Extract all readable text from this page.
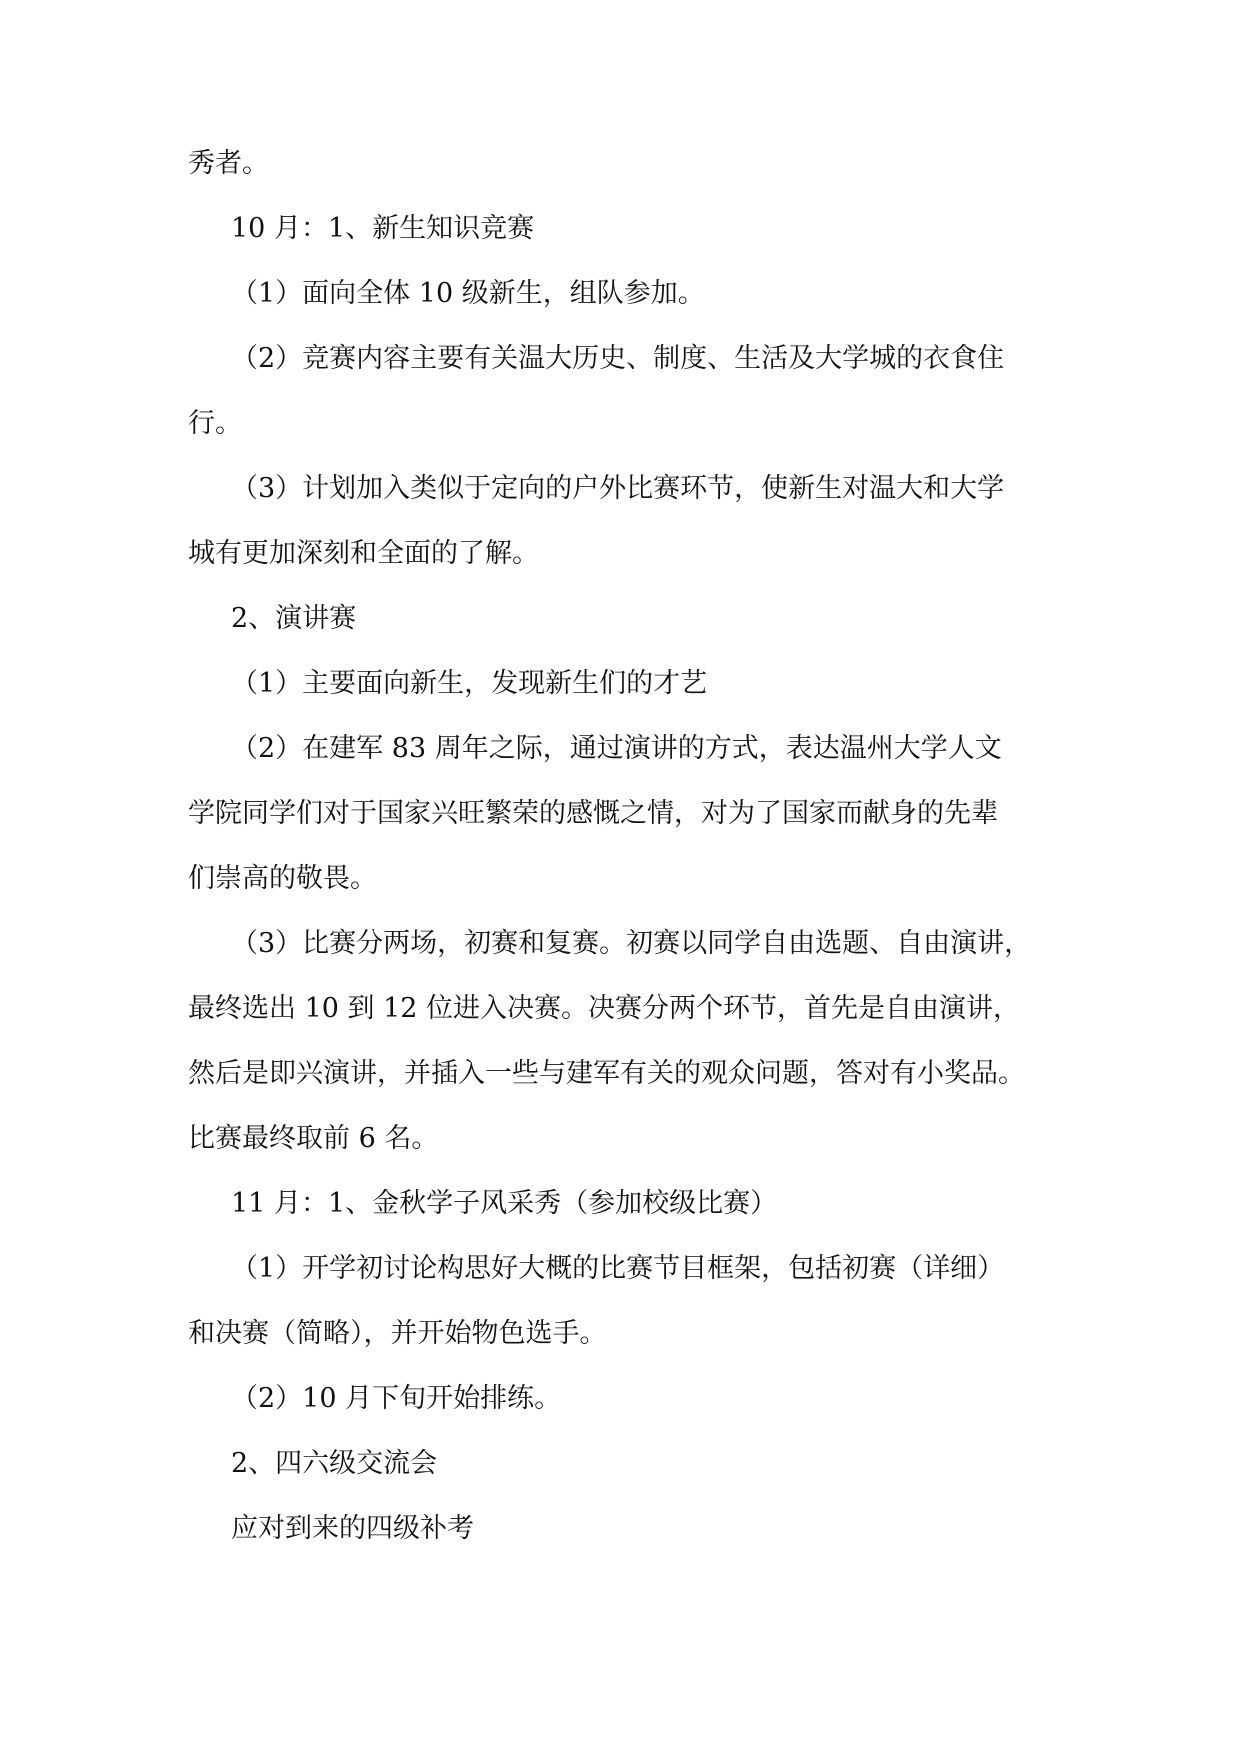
秀者。
10 月：1、新生知识竞赛
（1）面向全体 10 级新生，组队参加。
（2）竞赛内容主要有关温大历史、制度、生活及大学城的衣食住
行。
（3）计划加入类似于定向的户外比赛环节，使新生对温大和大学
城有更加深刻和全面的了解。
2、演讲赛
（1）主要面向新生，发现新生们的才艺
（2）在建军 83 周年之际，通过演讲的方式，表达温州大学人文
学院同学们对于国家兴旺繁荣的感慨之情，对为了国家而献身的先辈
们崇高的敬畏。
（3）比赛分两场，初赛和复赛。初赛以同学自由选题、自由演讲，
最终选出 10 到 12 位进入决赛。决赛分两个环节，首先是自由演讲，
然后是即兴演讲，并插入一些与建军有关的观众问题，答对有小奖品。
比赛最终取前 6 名。
11 月：1、金秋学子风采秀（参加校级比赛）
（1）开学初讨论构思好大概的比赛节目框架，包括初赛（详细）
和决赛（简略），并开始物色选手。
（2）10 月下旬开始排练。
2、四六级交流会
应对到来的四级补考
